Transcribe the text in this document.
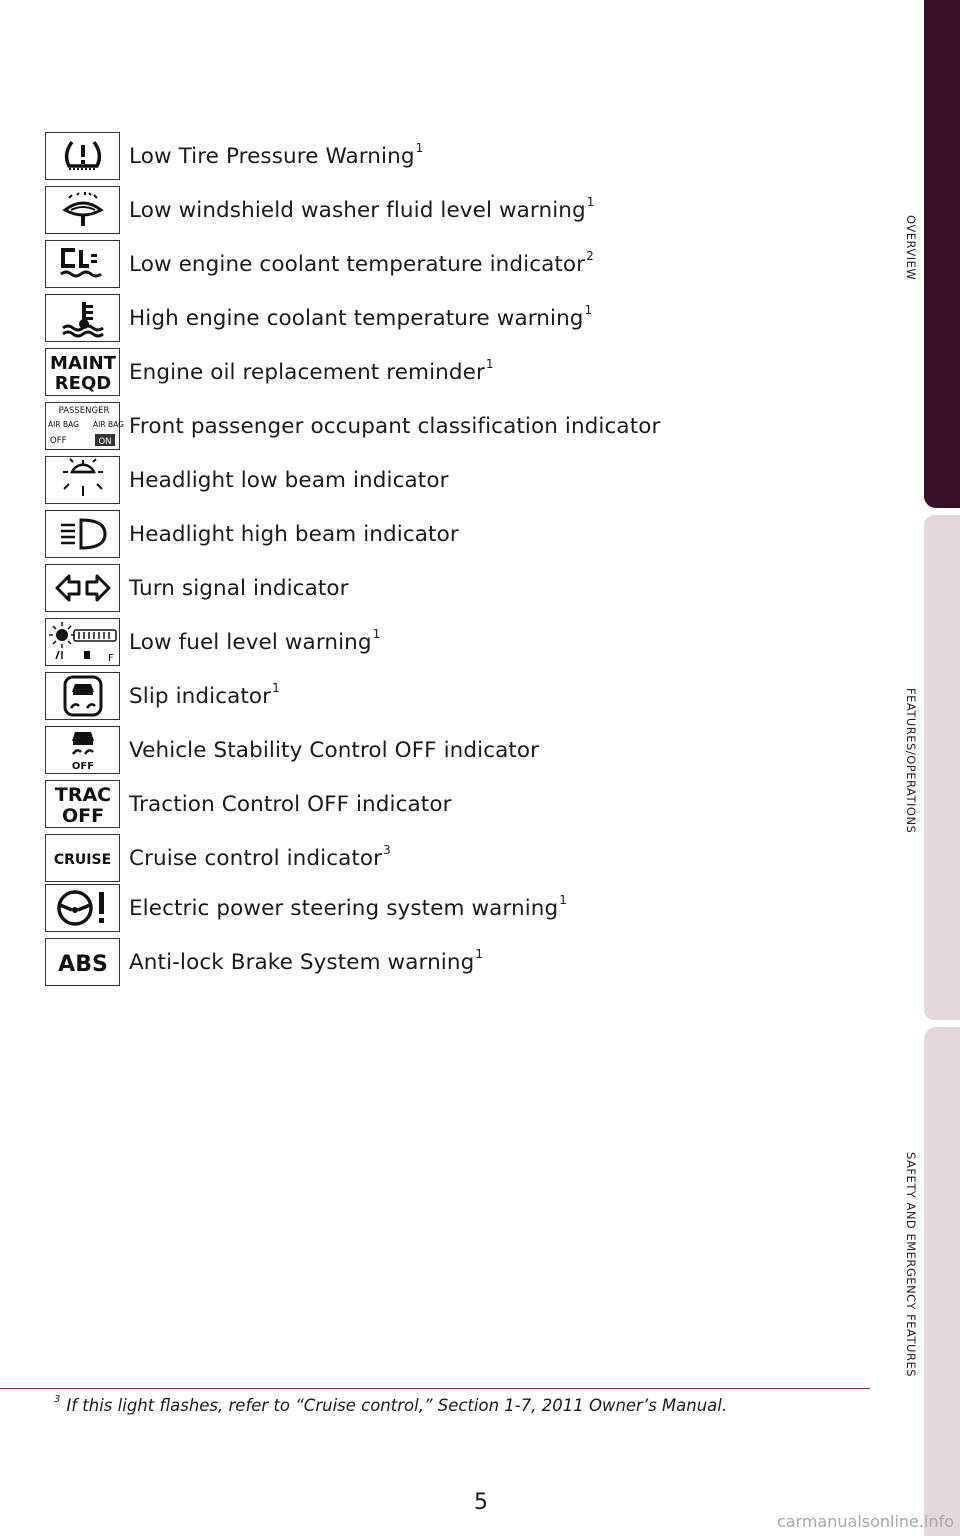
Low Tire Pressure Warning$^1$
Low windshield washer fluid level warning$^1$
Low engine coolant temperature indicator$^2$
High engine coolant temperature warning$^1$
MAINT
REQD Engine oil replacement reminder$^1$
PASSENGER
AIR BAG AIR BAG
OFF	ON
Front passenger occupant classification indicator
Headlight low beam indicator
Headlight high beam indicator
Turn signal indicator
F
Low fuel level warning$^1$
Slip indicator$^1$
OFF
Vehicle Stability Control OFF indicator
TRAC
OFF Traction Control OFF indicator
CRUISE Cruise control indicator$^3$
Electric power steering system warning$^1$
ABS Anti-lock Brake System warning$^1$
OVERVIEW
FEATURES/OPERATIONS
SAFETY AND EMERGENCY FEATURES
$^3$ If this light flashes, refer to “Cruise control,” Section 1-7, 2011 Owner’s Manual.
5
carmanualsonline.info
